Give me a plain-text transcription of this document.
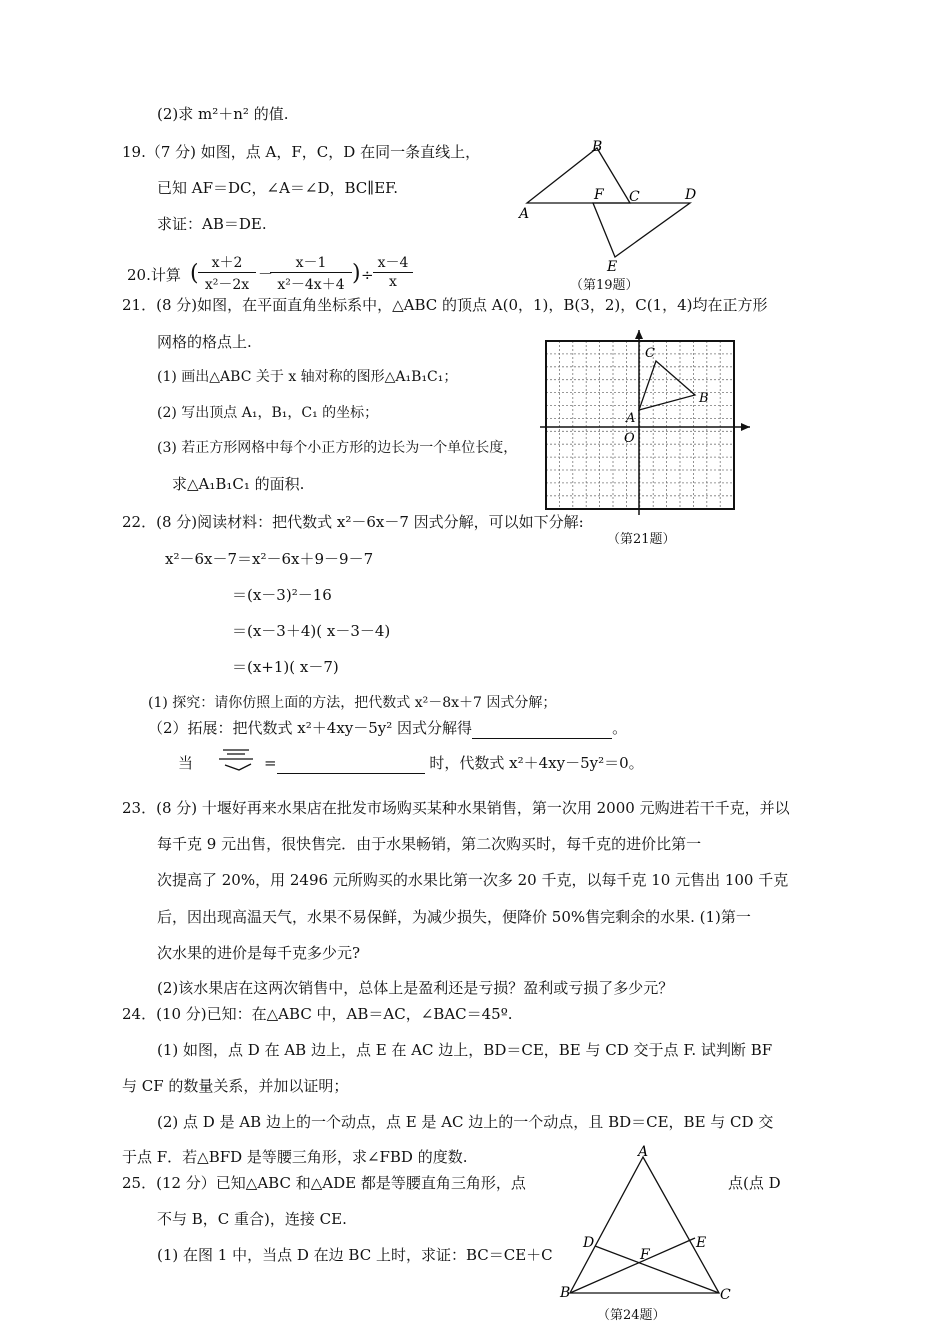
(2)求 m²＋n² 的值.
19.（7 分) 如图，点 A，F，C，D 在同一条直线上，
已知 AF＝DC，∠A＝∠D，BC∥EF.
求证：AB＝DE.
A
B
F C	D
E
（第19题）
20.计算 ( x＋2
x²－2x
－
x－1
x²－4x＋4 ) ÷
x－4
x
21．(8 分)如图，在平面直角坐标系中，△ABC 的顶点 A(0，1)，B(3，2)，C(1，4)均在正方形
网格的格点上.
(1) 画出△ABC 关于 x 轴对称的图形△A₁B₁C₁；
(2) 写出顶点 A₁，B₁，C₁ 的坐标；
(3) 若正方形网格中每个小正方形的边长为一个单位长度，
求△A₁B₁C₁ 的面积.
C
B
A
O
（第21题）
22．(8 分)阅读材料：把代数式 x²－6x－7 因式分解，可以如下分解:
x²－6x－7＝x²－6x＋9－9－7
＝(x－3)²－16
＝(x－3＋4)( x－3－4)
＝(x+1)( x－7)
(1) 探究：请你仿照上面的方法，把代数式 x²－8x＋7 因式分解；
（2）拓展：把代数式 x²＋4xy－5y² 因式分解得	。
当	=	时，代数式 x²＋4xy－5y²＝0。
23．(8 分) 十堰好再来水果店在批发市场购买某种水果销售，第一次用 2000 元购进若干千克，并以
每千克 9 元出售，很快售完．由于水果畅销，第二次购买时，每千克的进价比第一
次提高了 20%，用 2496 元所购买的水果比第一次多 20 千克，以每千克 10 元售出 100 千克
后，因出现高温天气，水果不易保鲜，为减少损失，便降价 50%售完剩余的水果. (1)第一
次水果的进价是每千克多少元?
(2)该水果店在这两次销售中，总体上是盈利还是亏损？盈利或亏损了多少元？
24．(10 分)已知：在△ABC 中，AB＝AC，∠BAC＝45º.
(1) 如图，点 D 在 AB 边上，点 E 在 AC 边上，BD＝CE，BE 与 CD 交于点 F. 试判断 BF
与 CF 的数量关系，并加以证明；
(2) 点 D 是 AB 边上的一个动点，点 E 是 AC 边上的一个动点，且 BD＝CE，BE 与 CD 交
于点 F．若△BFD 是等腰三角形，求∠FBD 的度数.
25．(12 分）已知△ABC 和△ADE 都是等腰直角三角形，点	点(点 D
不与 B，C 重合)，连接 CE.
(1) 在图 1 中，当点 D 在边 BC 上时，求证：BC＝CE＋C
A
B	C
D	E
F
（第24题）
